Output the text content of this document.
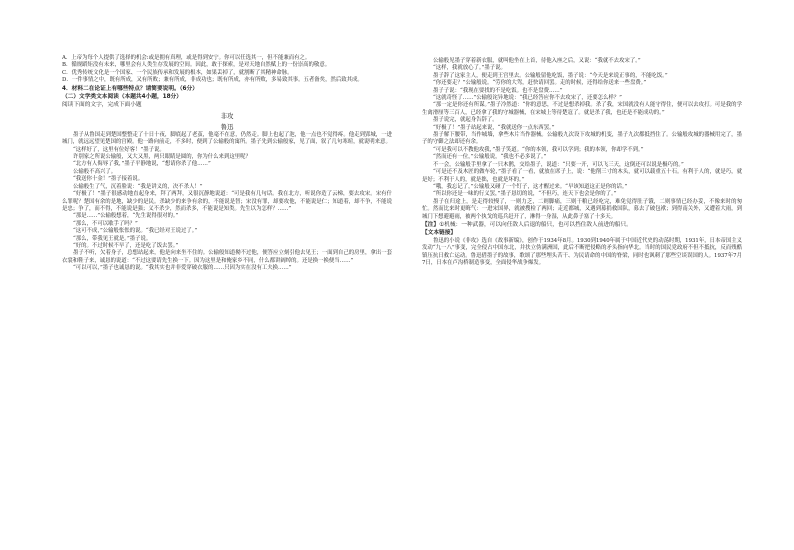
A．上帝为每个人提供了选择的机会:或是拥有真理，或是得到安宁。你可以任选其一，但不能兼而有之。

B．循规蹈矩没有未来，哪里会有人类生存发展的空间。因此，敢于探索，是对天地自然赋上的一份崇高的敬意。

C．优秀传统文化是一个国家、一个民族传承和发展的根本，如果丢掉了，就割断了其精神命脉。

D．一件事情之中，既有所成，又有所败；兼有所成，非成功也；既有所成，亦有所败，多易致其事。五者备矣，然后致其成。

4．材料二在论证上有哪些特点？请简要说明。（6分）

（二）文学类文本阅读（本题共4小题，18分）

阅读下面的文字，完成下面小题

非攻

鲁迅

墨子从鲁国走到楚国整整走了十日十夜，脚底起了老茧，他毫不在意，仍然走。脚上也起了泡，他一点也不觉得疼。他走到郢城，一进城门，就远远望见楚国的宫殿。他一路向前走，不多时，便到了公输般的寓所。墨子先到公输般家，见了面，叙了几句寒暄，就说明来意。

“这样好了，这里有位好客！”墨子说。

许别家之所说公输般，又大又黑，两只眼睛是圆的，你为什么来到这里呢？

“北方有人侮辱了我，”墨子平静地说，“想请你杀了他……”

公输般不高兴了。

“我送你十金！”墨子接着说。

公输般生了气，沉着脸说：“我是讲义的，决不杀人！”

“好极了！”墨子很感动地直起身来，拜了两拜，又很沉静地说道：“可是我有几句话。我在北方，听说你造了云梯，要去攻宋。宋有什么罪呢？楚国有余的是地，缺少的是民。杀缺少的来争有余的，不能说是智；宋没有罪，却要攻他，不能说是仁；知道着，却不争，不能说是忠；争了，而不得，不能说是强；义不杀少，然而杀多，不能说是知类。先生以为怎样？……”

“那是……”公输般想着，“先生说得很对的。”

“那么，不可以歇手了吗？”

“这可不成，”公输般怅怅的说。“我已经对王说过了。”

“那么，带我见王就是。”墨子说。

“好的。不过时候不早了，还是吃了饭去罢。”

墨子不听，欠着身子，总想站起来，他是向来坐不住的。公输般知道拗不过他，便答应立刻引他去见王；一面到自己的房里，拿出一套衣裳和鞋子来，诚恳的说道：“不过这要请先生换一下。因为这里是和俺家乡不同，什么都讲阔绰的。还是换一换便当……”

“可以可以，”墨子也诚恳的说。“我其实也并非爱穿破衣服的……只因为实在没有工夫换……”

公输般见墨子穿着新衣服，就叫他坐在上首，待他入座之后，又说：“我就不去攻宋了。”

“这样，我就放心了。”墨子说。

墨子辞了这家主人，便走到王宫里去。公输般留他吃饭，墨子说：“今天是来说正事的，不能吃饭。”

“你还要走？”公输般说。“劳你的大驾，赶快请回罢。走的时候，还得给你送来一些盘费。”

墨子子说：“我现在要找的不是吃饭。也不是盘费……”

“这就奇怪了……”公输般诧异地说：“我已经答应你不去攻宋了，还要怎么样？”

“那一定是你还有所谋。”墨子冷然道：“你的意思，不过是想杀掉我。杀了我，宋国就没有人能守得住，便可以去攻打。可是我的学生禽滑厘等三百人，已经拿了我的守城器械，在宋城上等待楚寇了。就是杀了我，也还是不能成功的。”

墨子说完，就起身告辞了。

“好极了！”墨子站起来说，“我就送你一点东西罢。”

墨子解下腰带，当作城墙，拿些木片当作器械。公输般九次设下攻城的机变，墨子九次都抵挡住了。公输般攻城的器械用完了，墨子的守御之法却还有余。

“可是我可以不教他攻我，”墨子笑道。“你的本领，我可以学到；我的本领，你却学不到。”

“然而还有一位，”公输般说，“我也不必多说了。”

不一会，公输般手里拿了一只木鹊，交给墨子，说道：“只要一开，可以飞三天，这倒还可以说是极巧的。”

“可是还不及木匠的做车轮，”墨子看了一看，就放在席子上，说：“他削三寸的木头，就可以载重五十石。有利于人的，就是巧，就是好；不利于人的，就是拙，也就是坏的。”

“哦，我忘记了，”公输般又碰了一个钉子，这才醒过来。“早该知道这正是你的话。”

“所以你还是一味的行义罢，”墨子恳切的说，“不但巧，连天下也会是你的了。”

墨子在归途上，是走得较慢了，一则力乏，二则脚痛，三则干粮已经吃完，难免觉得肚子饿，二则事情已经办妥，不像来时的匆忙。然而比来时更晦气：一进宋国界，就被搜检了两回；走近都城，又遇到募捐救国队，募去了破包袱；到得南关外，又遭着大雨，到城门下想避避雨，被两个执戈的巡兵赶开了，淋得一身湿，从此鼻子塞了十多天。

【注】①机械：一种武器，可以向任敌人后退的船只，也可以挡住敌人前进的船只。

【文本链接】

鲁迅的小说《非攻》选自《故事新编》，创作于1934年8月。1930到1940年属于中国近代史的动荡时期，1931年，日本帝国主义发动“九一八”事变，完全侵占中国东北，并扶立伪满洲国，此后不断把侵略的矛头指向华北。当时的国民党政府不但不抵抗，反而残酷镇压抗日救亡运动。鲁迅借墨子的故事，歌颂了那些埋头苦干、为民请命的中国的脊梁，同时也讽刺了那些空谈误国的人。1937年7月7日，日本在卢沟桥制造事变，全面侵华战争爆发。
